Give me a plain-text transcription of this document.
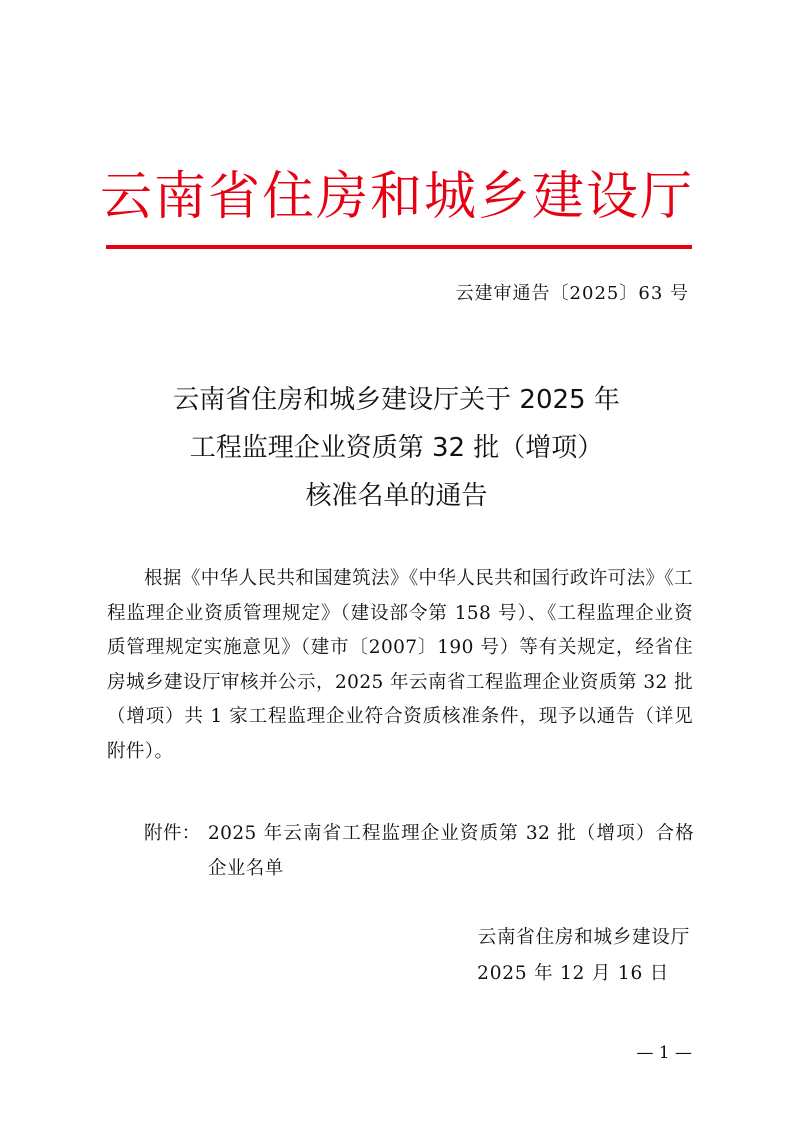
云南省住房和城乡建设厅
云建审通告〔2025〕63 号
云南省住房和城乡建设厅关于 2025 年
工程监理企业资质第 32 批（增项）
核准名单的通告

根据《中华人民共和国建筑法》《中华人民共和国行政许可法》《工程监理企业资质管理规定》（建设部令第 158 号）、《工程监理企业资质管理规定实施意见》（建市〔2007〕190 号）等有关规定，经省住房城乡建设厅审核并公示，2025 年云南省工程监理企业资质第 32 批（增项）共 1 家工程监理企业符合资质核准条件，现予以通告（详见附件）。

附件： 2025 年云南省工程监理企业资质第 32 批（增项）合格企业名单
云南省住房和城乡建设厅
2025 年 12 月 16 日
— 1 —
